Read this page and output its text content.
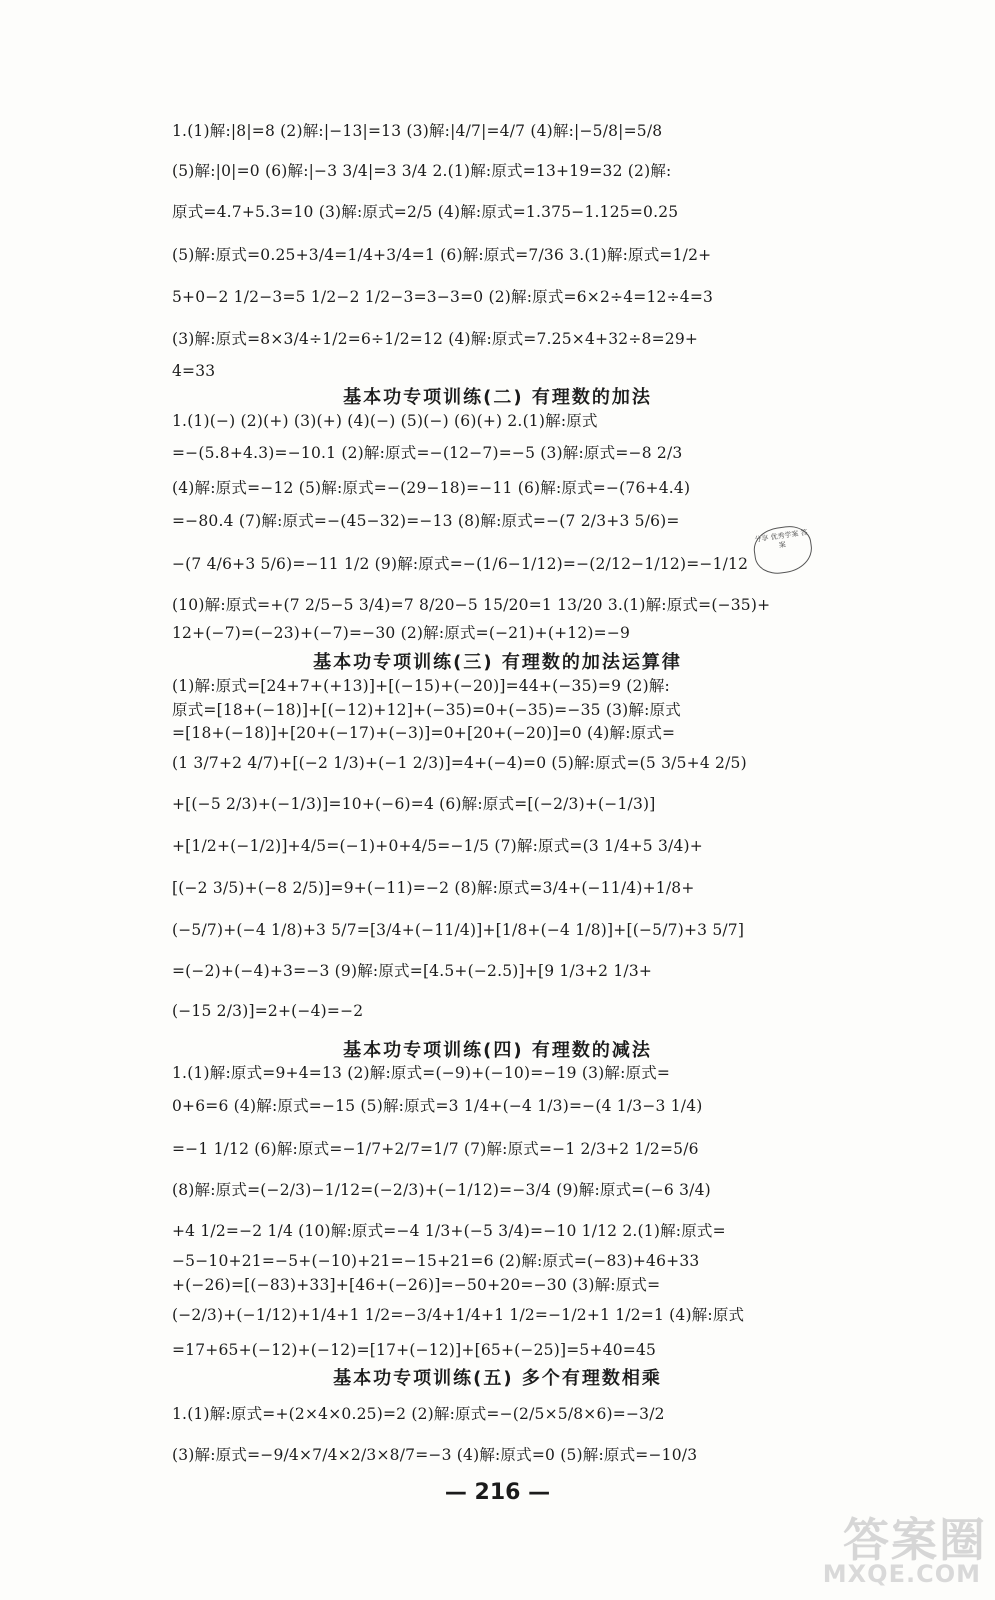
1.(1)解:|8|=8 (2)解:|−13|=13 (3)解:|4/7|=4/7 (4)解:|−5/8|=5/8
(5)解:|0|=0 (6)解:|−3 3/4|=3 3/4 2.(1)解:原式=13+19=32 (2)解:
原式=4.7+5.3=10 (3)解:原式=2/5 (4)解:原式=1.375−1.125=0.25
(5)解:原式=0.25+3/4=1/4+3/4=1 (6)解:原式=7/36 3.(1)解:原式=1/2+
5+0−2 1/2−3=5 1/2−2 1/2−3=3−3=0 (2)解:原式=6×2÷4=12÷4=3
(3)解:原式=8×3/4÷1/2=6÷1/2=12 (4)解:原式=7.25×4+32÷8=29+
4=33
基本功专项训练(二) 有理数的加法
1.(1)(−) (2)(+) (3)(+) (4)(−) (5)(−) (6)(+) 2.(1)解:原式
=−(5.8+4.3)=−10.1 (2)解:原式=−(12−7)=−5 (3)解:原式=−8 2/3
(4)解:原式=−12 (5)解:原式=−(29−18)=−11 (6)解:原式=−(76+4.4)
=−80.4 (7)解:原式=−(45−32)=−13 (8)解:原式=−(7 2/3+3 5/6)=
−(7 4/6+3 5/6)=−11 1/2 (9)解:原式=−(1/6−1/12)=−(2/12−1/12)=−1/12
(10)解:原式=+(7 2/5−5 3/4)=7 8/20−5 15/20=1 13/20 3.(1)解:原式=(−35)+
12+(−7)=(−23)+(−7)=−30 (2)解:原式=(−21)+(+12)=−9
分享 优秀学案 答案
基本功专项训练(三) 有理数的加法运算律
(1)解:原式=[24+7+(+13)]+[(−15)+(−20)]=44+(−35)=9 (2)解:
原式=[18+(−18)]+[(−12)+12]+(−35)=0+(−35)=−35 (3)解:原式
=[18+(−18)]+[20+(−17)+(−3)]=0+[20+(−20)]=0 (4)解:原式=
(1 3/7+2 4/7)+[(−2 1/3)+(−1 2/3)]=4+(−4)=0 (5)解:原式=(5 3/5+4 2/5)
+[(−5 2/3)+(−1/3)]=10+(−6)=4 (6)解:原式=[(−2/3)+(−1/3)]
+[1/2+(−1/2)]+4/5=(−1)+0+4/5=−1/5 (7)解:原式=(3 1/4+5 3/4)+
[(−2 3/5)+(−8 2/5)]=9+(−11)=−2 (8)解:原式=3/4+(−11/4)+1/8+
(−5/7)+(−4 1/8)+3 5/7=[3/4+(−11/4)]+[1/8+(−4 1/8)]+[(−5/7)+3 5/7]
=(−2)+(−4)+3=−3 (9)解:原式=[4.5+(−2.5)]+[9 1/3+2 1/3+
(−15 2/3)]=2+(−4)=−2
基本功专项训练(四) 有理数的减法
1.(1)解:原式=9+4=13 (2)解:原式=(−9)+(−10)=−19 (3)解:原式=
0+6=6 (4)解:原式=−15 (5)解:原式=3 1/4+(−4 1/3)=−(4 1/3−3 1/4)
=−1 1/12 (6)解:原式=−1/7+2/7=1/7 (7)解:原式=−1 2/3+2 1/2=5/6
(8)解:原式=(−2/3)−1/12=(−2/3)+(−1/12)=−3/4 (9)解:原式=(−6 3/4)
+4 1/2=−2 1/4 (10)解:原式=−4 1/3+(−5 3/4)=−10 1/12 2.(1)解:原式=
−5−10+21=−5+(−10)+21=−15+21=6 (2)解:原式=(−83)+46+33
+(−26)=[(−83)+33]+[46+(−26)]=−50+20=−30 (3)解:原式=
(−2/3)+(−1/12)+1/4+1 1/2=−3/4+1/4+1 1/2=−1/2+1 1/2=1 (4)解:原式
=17+65+(−12)+(−12)=[17+(−12)]+[65+(−25)]=5+40=45
基本功专项训练(五) 多个有理数相乘
1.(1)解:原式=+(2×4×0.25)=2 (2)解:原式=−(2/5×5/8×6)=−3/2
(3)解:原式=−9/4×7/4×2/3×8/7=−3 (4)解:原式=0 (5)解:原式=−10/3
— 216 —
答案圈
MXQE.COM
